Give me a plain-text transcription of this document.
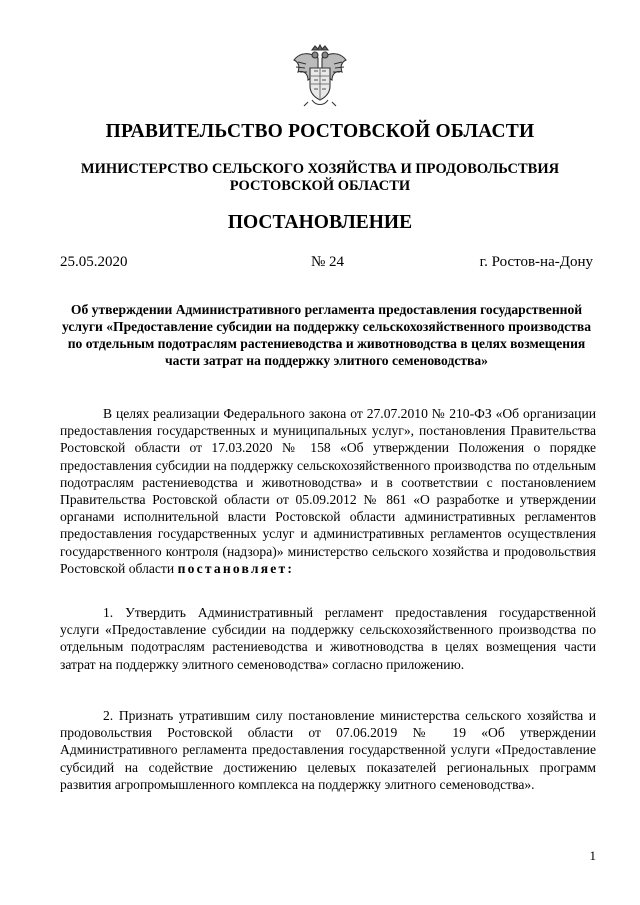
ПРАВИТЕЛЬСТВО РОСТОВСКОЙ ОБЛАСТИ
МИНИСТЕРСТВО СЕЛЬСКОГО ХОЗЯЙСТВА И ПРОДОВОЛЬСТВИЯ РОСТОВСКОЙ ОБЛАСТИ
ПОСТАНОВЛЕНИЕ
25.05.2020	№ 24	г. Ростов-на-Дону

Об утверждении Административного регламента предоставления государственной услуги «Предоставление субсидии на поддержку сельскохозяйственного производства по отдельным подотраслям растениеводства и животноводства в целях возмещения части затрат на поддержку элитного семеноводства»

В целях реализации Федерального закона от 27.07.2010 № 210-ФЗ «Об организации предоставления государственных и муниципальных услуг», постановления Правительства Ростовской области от 17.03.2020 № 158 «Об утверждении Положения о порядке предоставления субсидии на поддержку сельскохозяйственного производства по отдельным подотраслям растениеводства и животноводства» и в соответствии с постановлением Правительства Ростовской области от 05.09.2012 № 861 «О разработке и утверждении органами исполнительной власти Ростовской области административных регламентов предоставления государственных услуг и административных регламентов осуществления государственного контроля (надзора)» министерство сельского хозяйства и продовольствия Ростовской области постановляет:

1. Утвердить Административный регламент предоставления государственной услуги «Предоставление субсидии на поддержку сельскохозяйственного производства по отдельным подотраслям растениеводства и животноводства в целях возмещения части затрат на поддержку элитного семеноводства» согласно приложению.

2. Признать утратившим силу постановление министерства сельского хозяйства и продовольствия Ростовской области от 07.06.2019 № 19 «Об утверждении Административного регламента предоставления государственной услуги «Предоставление субсидий на содействие достижению целевых показателей региональных программ развития агропромышленного комплекса на поддержку элитного семеноводства».

1
